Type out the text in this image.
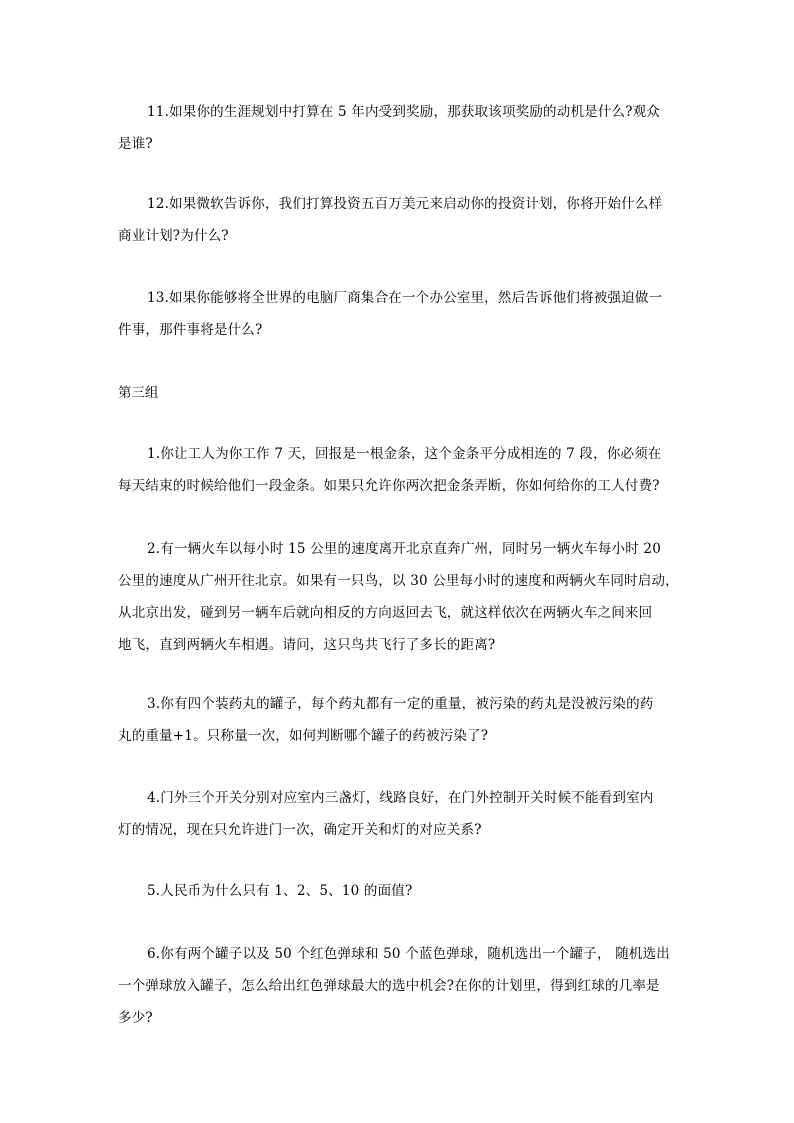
11.如果你的生涯规划中打算在 5 年内受到奖励，那获取该项奖励的动机是什么?观众
是谁?
12.如果微软告诉你，我们打算投资五百万美元来启动你的投资计划，你将开始什么样
商业计划?为什么?
13.如果你能够将全世界的电脑厂商集合在一个办公室里，然后告诉他们将被强迫做一
件事，那件事将是什么?
第三组
1.你让工人为你工作 7 天，回报是一根金条，这个金条平分成相连的 7 段，你必须在
每天结束的时候给他们一段金条。如果只允许你两次把金条弄断，你如何给你的工人付费?
2.有一辆火车以每小时 15 公里的速度离开北京直奔广州，同时另一辆火车每小时 20
公里的速度从广州开往北京。如果有一只鸟，以 30 公里每小时的速度和两辆火车同时启动，
从北京出发，碰到另一辆车后就向相反的方向返回去飞，就这样依次在两辆火车之间来回
地飞，直到两辆火车相遇。请问，这只鸟共飞行了多长的距离?
3.你有四个装药丸的罐子，每个药丸都有一定的重量，被污染的药丸是没被污染的药
丸的重量+1。只称量一次，如何判断哪个罐子的药被污染了?
4.门外三个开关分别对应室内三盏灯，线路良好，在门外控制开关时候不能看到室内
灯的情况，现在只允许进门一次，确定开关和灯的对应关系?
5.人民币为什么只有 1、2、5、10 的面值?
6.你有两个罐子以及 50 个红色弹球和 50 个蓝色弹球，随机选出一个罐子， 随机选出
一个弹球放入罐子，怎么给出红色弹球最大的选中机会?在你的计划里，得到红球的几率是
多少?
